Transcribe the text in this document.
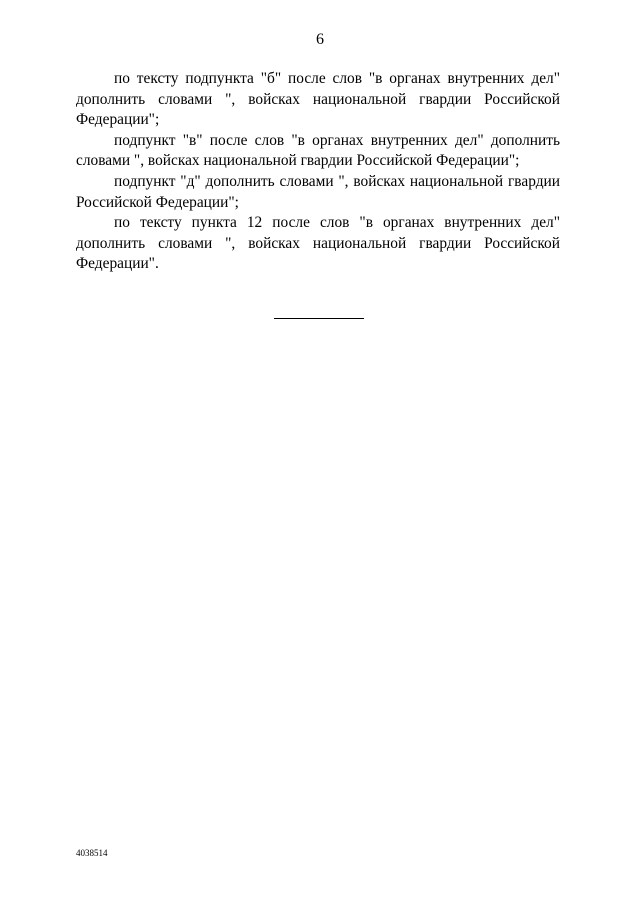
6

по тексту подпункта "б" после слов "в органах внутренних дел" дополнить словами ", войсках национальной гвардии Российской Федерации";

подпункт "в" после слов "в органах внутренних дел" дополнить словами ", войсках национальной гвардии Российской Федерации";

подпункт "д" дополнить словами ", войсках национальной гвардии Российской Федерации";

по тексту пункта 12 после слов "в органах внутренних дел" дополнить словами ", войсках национальной гвардии Российской Федерации".

4038514
